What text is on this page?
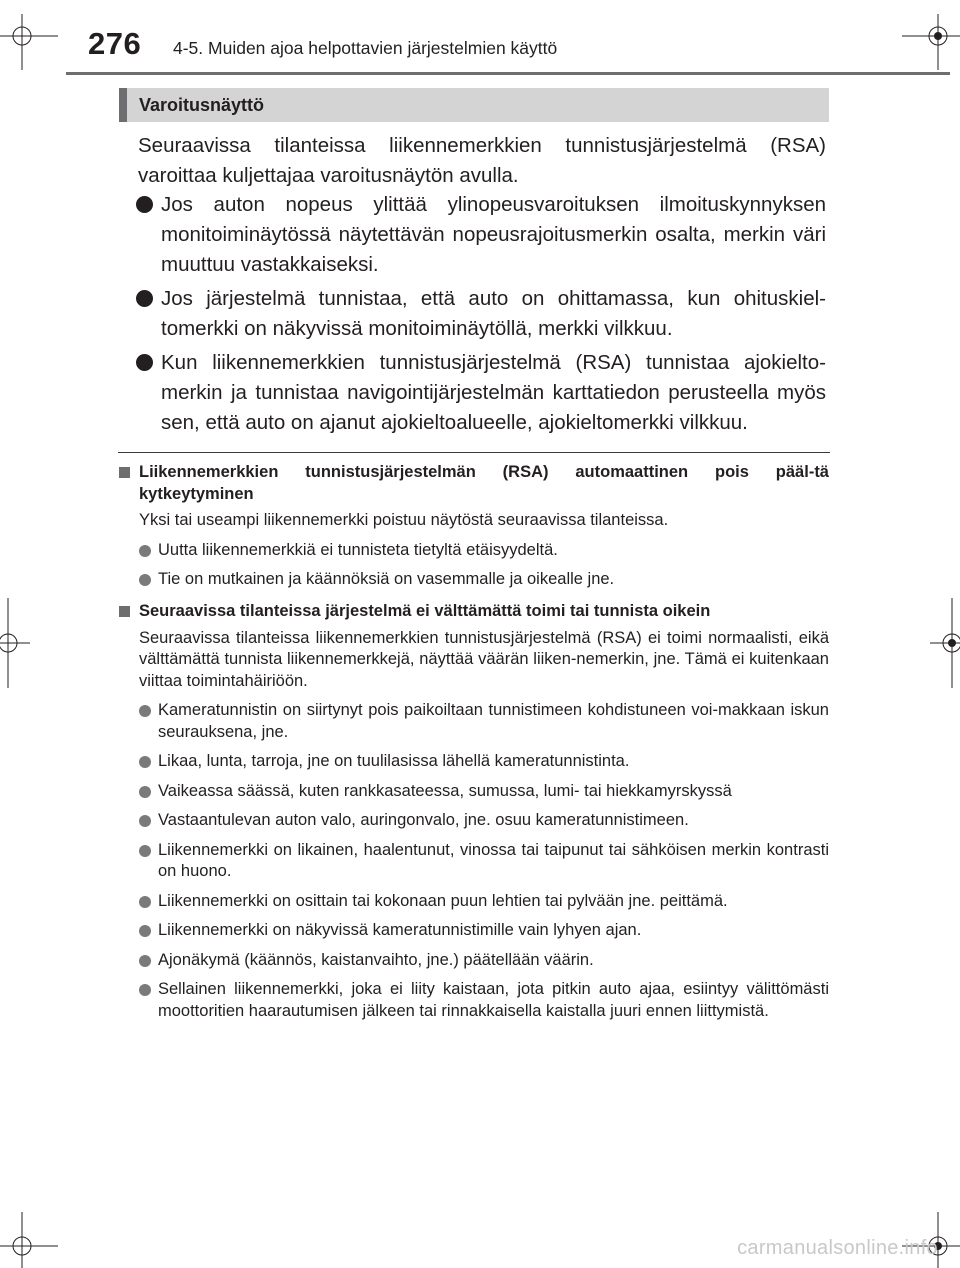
276 4-5. Muiden ajoa helpottavien järjestelmien käyttö
Varoitusnäyttö

Seuraavissa tilanteissa liikennemerkkien tunnistusjärjestelmä (RSA) varoittaa kuljettajaa varoitusnäytön avulla.

Jos auton nopeus ylittää ylinopeusvaroituksen ilmoituskynnyksen monitoiminäytössä näytettävän nopeusrajoitusmerkin osalta, merkin väri muuttuu vastakkaiseksi.
Jos järjestelmä tunnistaa, että auto on ohittamassa, kun ohituskiel-tomerkki on näkyvissä monitoiminäytöllä, merkki vilkkuu.
Kun liikennemerkkien tunnistusjärjestelmä (RSA) tunnistaa ajokielto-merkin ja tunnistaa navigointijärjestelmän karttatiedon perusteella myös sen, että auto on ajanut ajokieltoalueelle, ajokieltomerkki vilkkuu.
Liikennemerkkien tunnistusjärjestelmän (RSA) automaattinen pois pääl-tä kytkeytyminen
Yksi tai useampi liikennemerkki poistuu näytöstä seuraavissa tilanteissa.
Uutta liikennemerkkiä ei tunnisteta tietyltä etäisyydeltä.
Tie on mutkainen ja käännöksiä on vasemmalle ja oikealle jne.
Seuraavissa tilanteissa järjestelmä ei välttämättä toimi tai tunnista oikein
Seuraavissa tilanteissa liikennemerkkien tunnistusjärjestelmä (RSA) ei toimi normaalisti, eikä välttämättä tunnista liikennemerkkejä, näyttää väärän liiken-nemerkin, jne. Tämä ei kuitenkaan viittaa toimintahäiriöön.
Kameratunnistin on siirtynyt pois paikoiltaan tunnistimeen kohdistuneen voi-makkaan iskun seurauksena, jne.
Likaa, lunta, tarroja, jne on tuulilasissa lähellä kameratunnistinta.
Vaikeassa säässä, kuten rankkasateessa, sumussa, lumi- tai hiekkamyrskyssä
Vastaantulevan auton valo, auringonvalo, jne. osuu kameratunnistimeen.
Liikennemerkki on likainen, haalentunut, vinossa tai taipunut tai sähköisen merkin kontrasti on huono.
Liikennemerkki on osittain tai kokonaan puun lehtien tai pylvään jne. peittämä.
Liikennemerkki on näkyvissä kameratunnistimille vain lyhyen ajan.
Ajonäkymä (käännös, kaistanvaihto, jne.) päätellään väärin.
Sellainen liikennemerkki, joka ei liity kaistaan, jota pitkin auto ajaa, esiintyy välittömästi moottoritien haarautumisen jälkeen tai rinnakkaisella kaistalla juuri ennen liittymistä.
carmanualsonline.info
